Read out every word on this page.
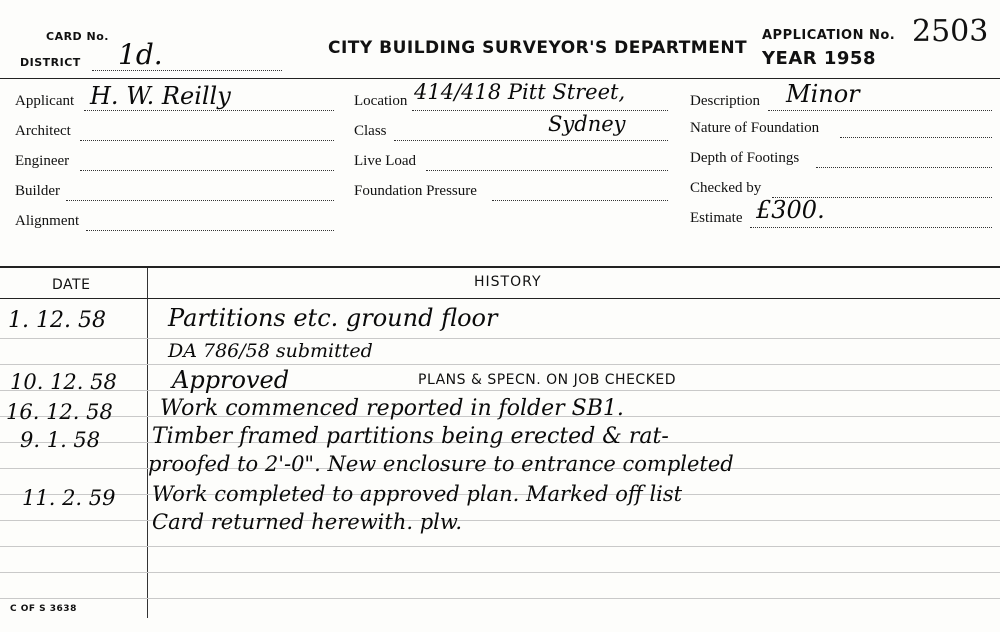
CARD No.
DISTRICT 1d.	CITY BUILDING SURVEYOR'S DEPARTMENT
APPLICATION No. 2503
YEAR 1958
Applicant H. W. Reilly
Architect
Engineer
Builder
Alignment
Location 414/418 Pitt Street,
Sydney
Class
Live Load
Foundation Pressure
Description Minor
Nature of Foundation
Depth of Footings
Checked by
Estimate £300.
DATE	HISTORY
1. 12. 58	Partitions etc. ground floor
DA 786/58 submitted
10. 12. 58 Approved	PLANS & SPECN. ON JOB CHECKED
16. 12. 58 Work commenced reported in folder SB1.
9. 1. 58 Timber framed partitions being erected & rat-
proofed to 2'-0". New enclosure to entrance completed
11. 2. 59 Work completed to approved plan. Marked off list
Card returned herewith. plw.
C OF S 3638
